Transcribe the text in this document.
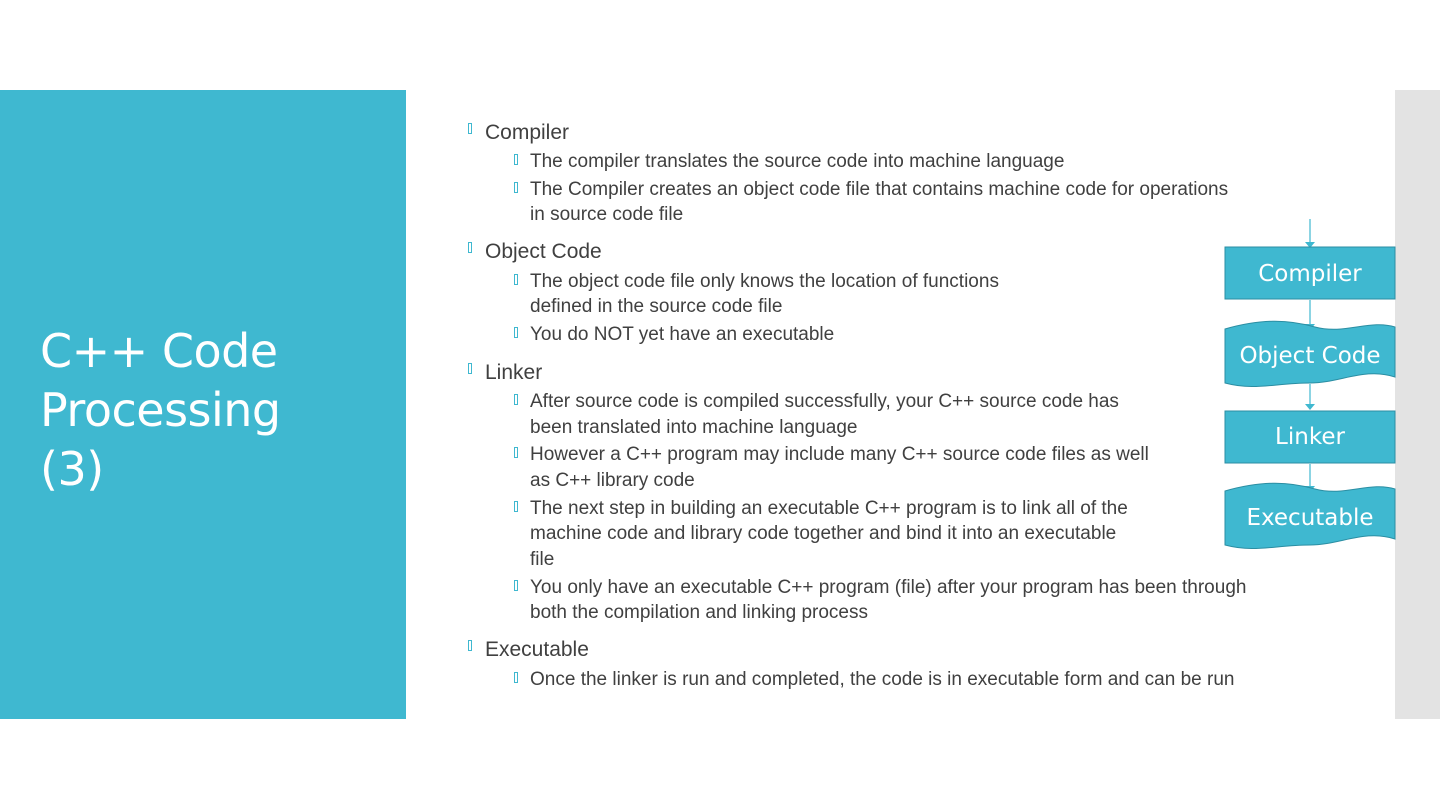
C++ Code
Processing
(3)
Compiler
The compiler translates the source code into machine language
The Compiler creates an object code file that contains machine code for operations
in source code file
Object Code
The object code file only knows the location of functions
defined in the source code file
You do NOT yet have an executable
Linker
After source code is compiled successfully, your C++ source code has
been translated into machine language
However a C++ program may include many C++ source code files as well
as C++ library code
The next step in building an executable C++ program is to link all of the
machine code and library code together and bind it into an executable
file
You only have an executable C++ program (file) after your program has been through
both the compilation and linking process
Executable
Once the linker is run and completed, the code is in executable form and can be run
Compiler
Object Code
Linker
Executable
